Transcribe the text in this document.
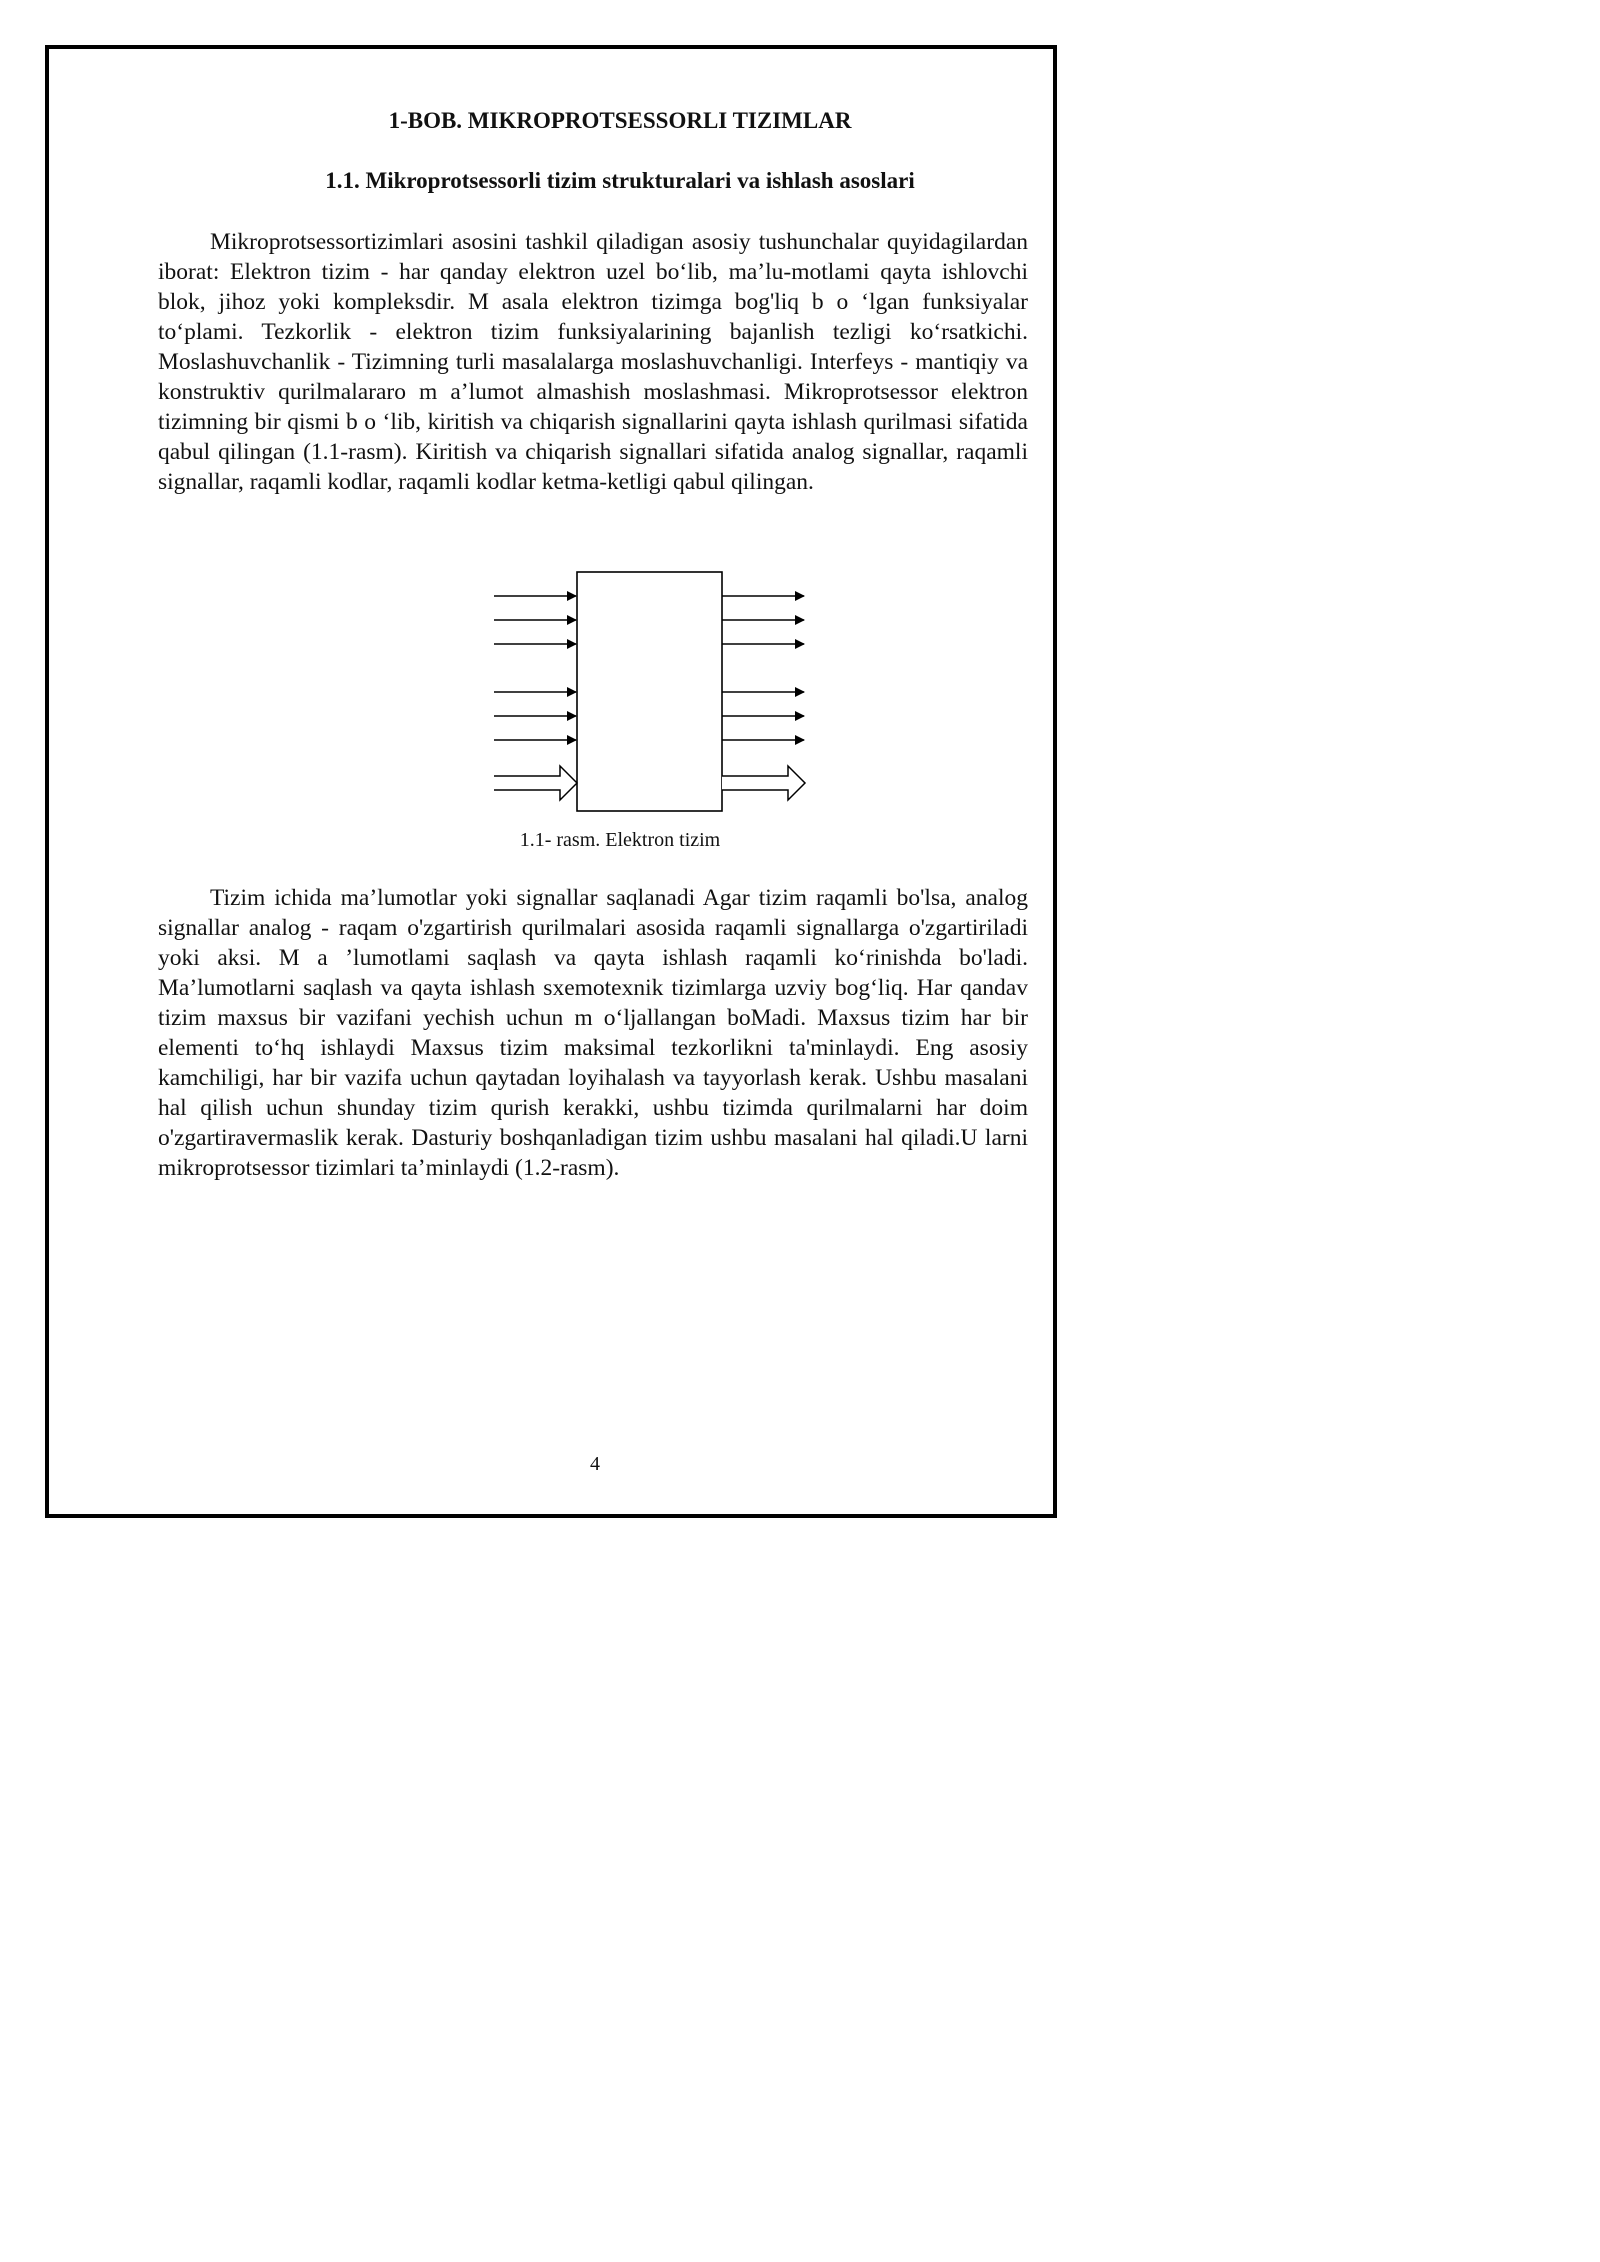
1-BOB. MIKROPROTSESSORLI TIZIMLAR
1.1. Mikroprotsessorli tizim strukturalari va ishlash asoslari

Mikroprotsessortizimlari asosini tashkil qiladigan asosiy tushunchalar quyidagilardan iborat: Elektron tizim - har qanday elektron uzel bo‘lib, ma’lu-motlami qayta ishlovchi blok, jihoz yoki kompleksdir. M asala elektron tizimga bog'liq b o ‘lgan funksiyalar to‘plami. Tezkorlik - elektron tizim funksiyalarining bajanlish tezligi ko‘rsatkichi. Moslashuvchanlik - Tizimning turli masalalarga moslashuvchanligi. Interfeys - mantiqiy va konstruktiv qurilmalararo m a’lumot almashish moslashmasi. Mikroprotsessor elektron tizimning bir qismi b o ‘lib, kiritish va chiqarish signallarini qayta ishlash qurilmasi sifatida qabul qilingan (1.1-rasm). Kiritish va chiqarish signallari sifatida analog signallar, raqamli signallar, raqamli kodlar, raqamli kodlar ketma-ketligi qabul qilingan.

1.1- rasm. Elektron tizim

Tizim ichida ma’lumotlar yoki signallar saqlanadi Agar tizim raqamli bo'lsa, analog signallar analog - raqam o'zgartirish qurilmalari asosida raqamli signallarga o'zgartiriladi yoki aksi. M a ’lumotlami saqlash va qayta ishlash raqamli ko‘rinishda bo'ladi. Ma’lumotlarni saqlash va qayta ishlash sxemotexnik tizimlarga uzviy bog‘liq. Har qandav tizim maxsus bir vazifani yechish uchun m o‘ljallangan boMadi. Maxsus tizim har bir elementi to‘hq ishlaydi Maxsus tizim maksimal tezkorlikni ta'minlaydi. Eng asosiy kamchiligi, har bir vazifa uchun qaytadan loyihalash va tayyorlash kerak. Ushbu masalani hal qilish uchun shunday tizim qurish kerakki, ushbu tizimda qurilmalarni har doim o'zgartiravermaslik kerak. Dasturiy boshqanladigan tizim ushbu masalani hal qiladi.U larni mikroprotsessor tizimlari ta’minlaydi (1.2-rasm).

4
